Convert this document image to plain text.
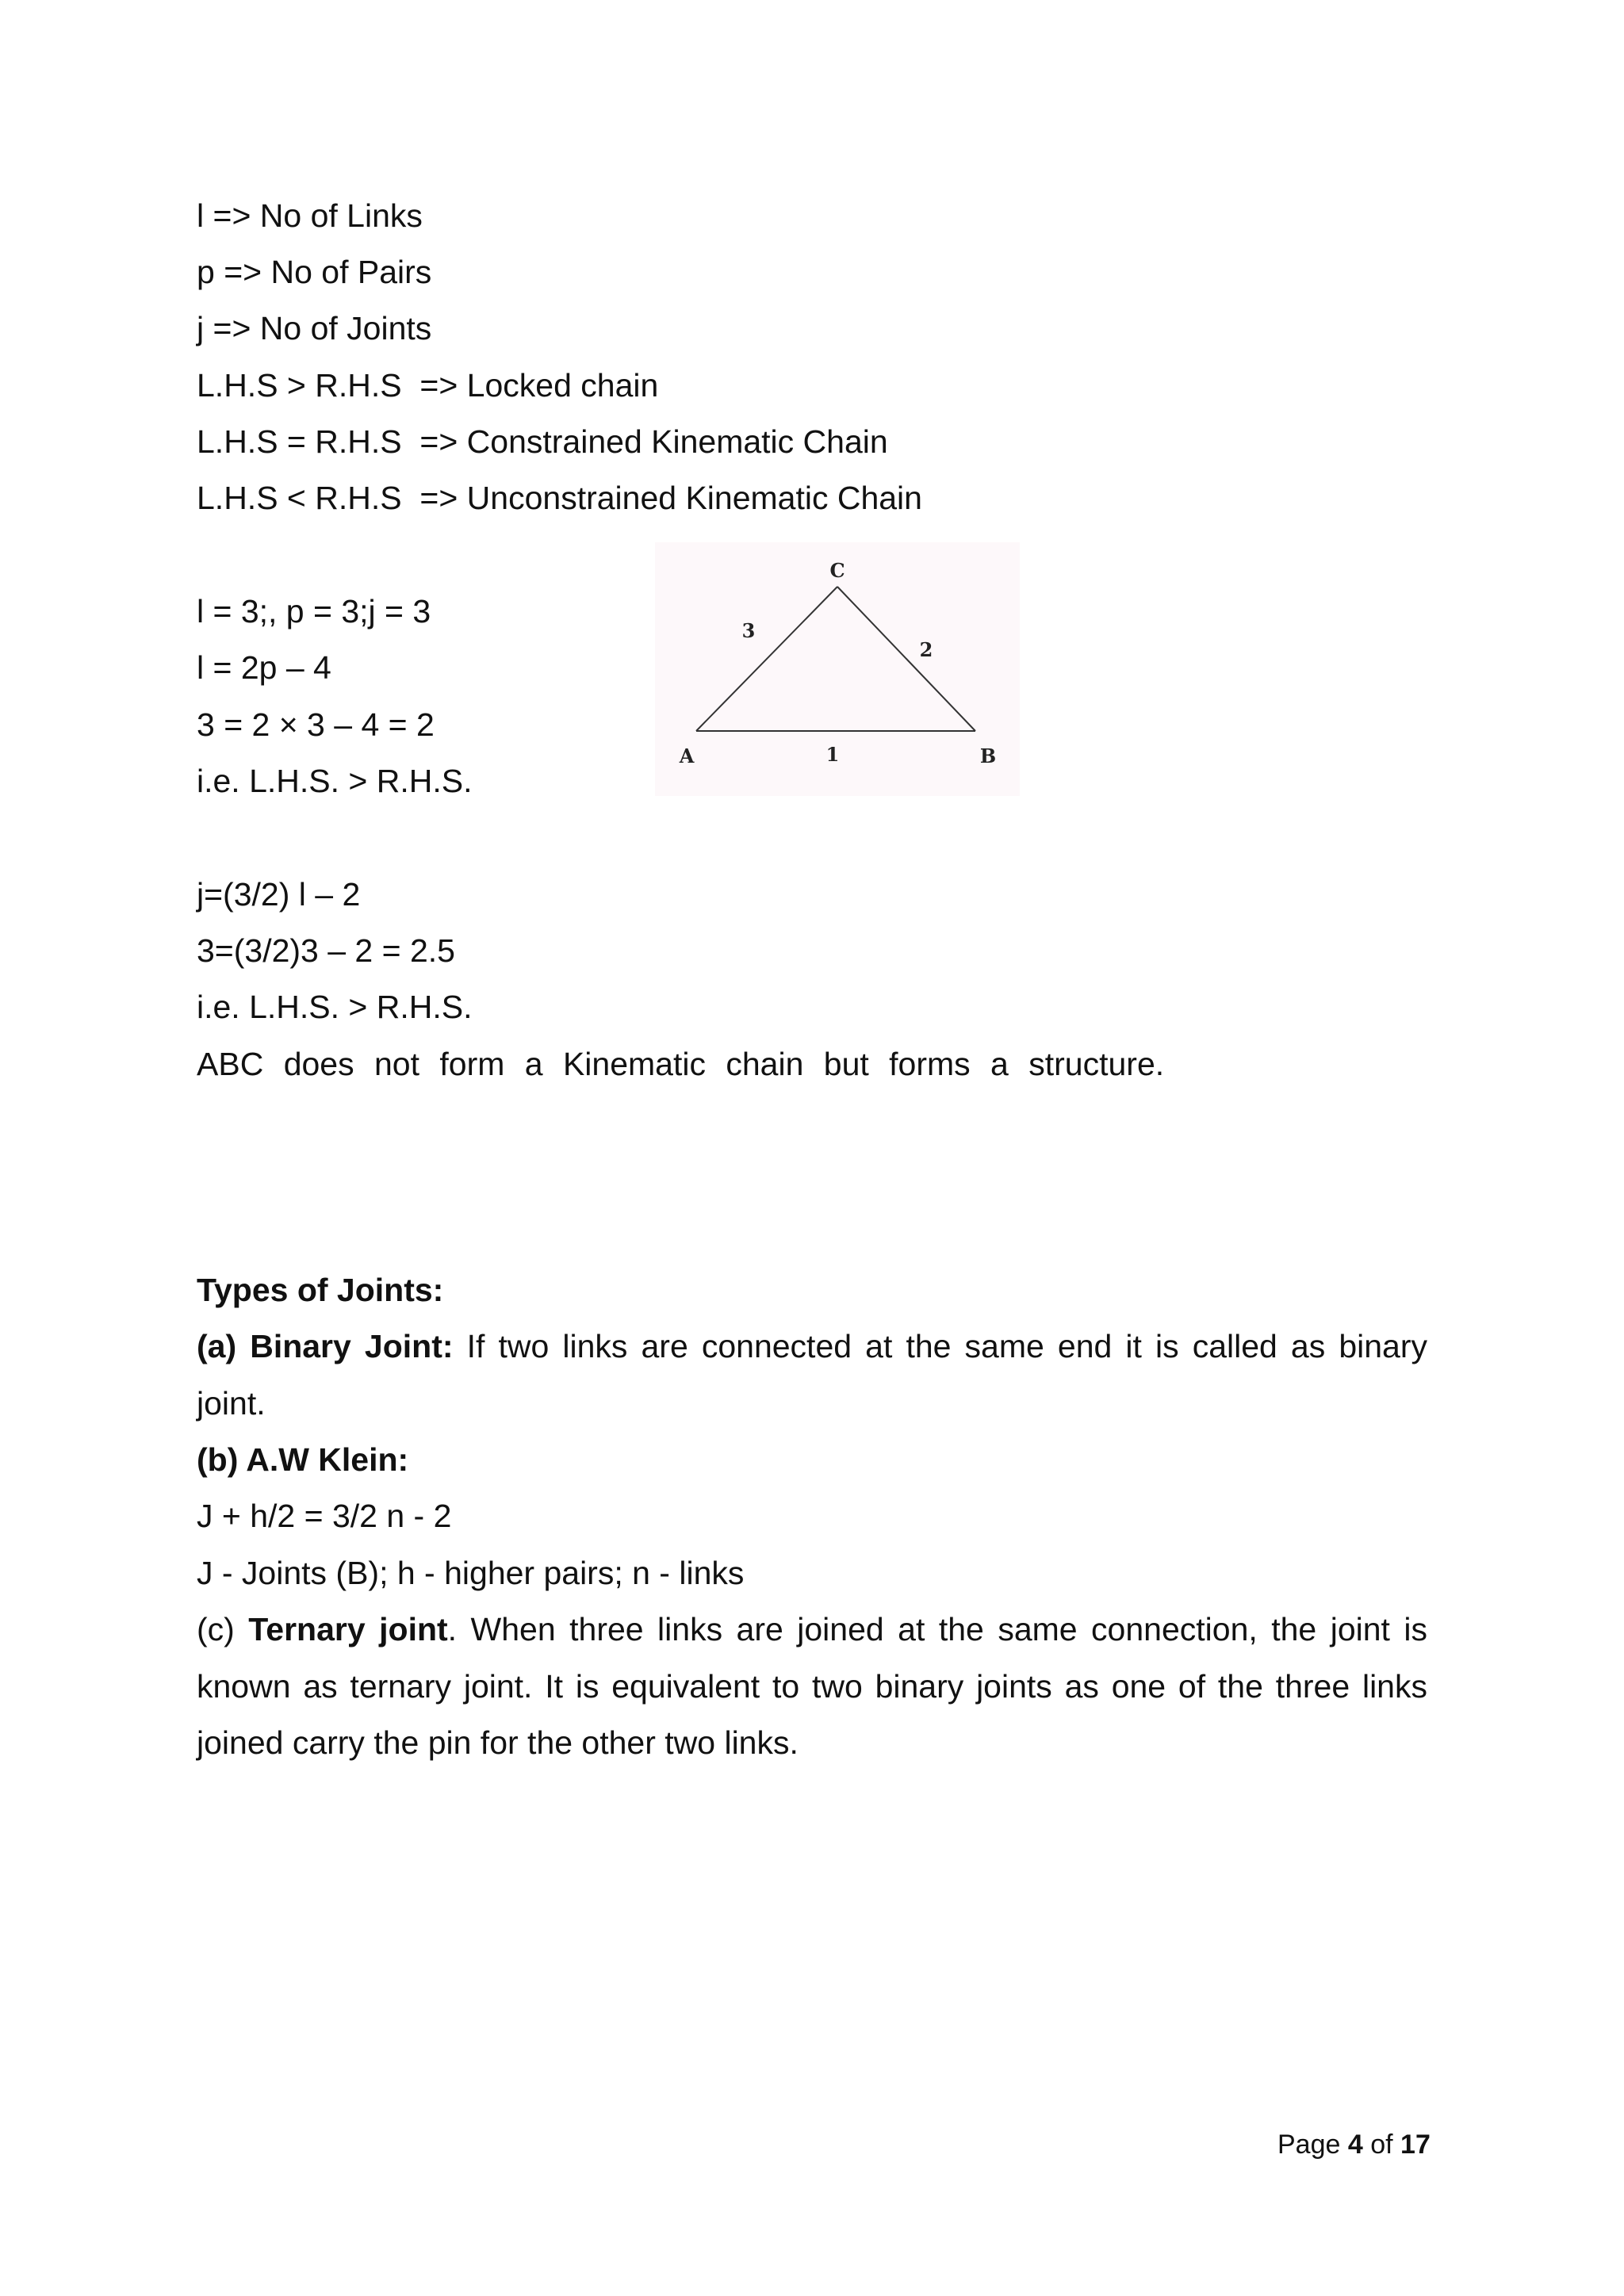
l => No of Links

p => No of Pairs

j => No of Joints

L.H.S > R.H.S  => Locked chain

L.H.S = R.H.S  => Constrained Kinematic Chain

L.H.S < R.H.S  => Unconstrained Kinematic Chain

l = 3;, p = 3;j = 3

l = 2p – 4

3 = 2 × 3 – 4 = 2

i.e. L.H.S. > R.H.S.

C
A	B
1
2
3

j=(3/2) l – 2

3=(3/2)3 – 2 = 2.5

i.e. L.H.S. > R.H.S.

ABC does not form a Kinematic chain but forms a structure.

Types of Joints:

(a) Binary Joint: If two links are connected at the same end it is called as binary joint.

(b) A.W Klein:

J + h/2 = 3/2 n - 2

J - Joints (B); h - higher pairs; n - links

(c) Ternary joint. When three links are joined at the same connection, the joint is known as ternary joint. It is equivalent to two binary joints as one of the three links joined carry the pin for the other two links.

Page 4 of 17
